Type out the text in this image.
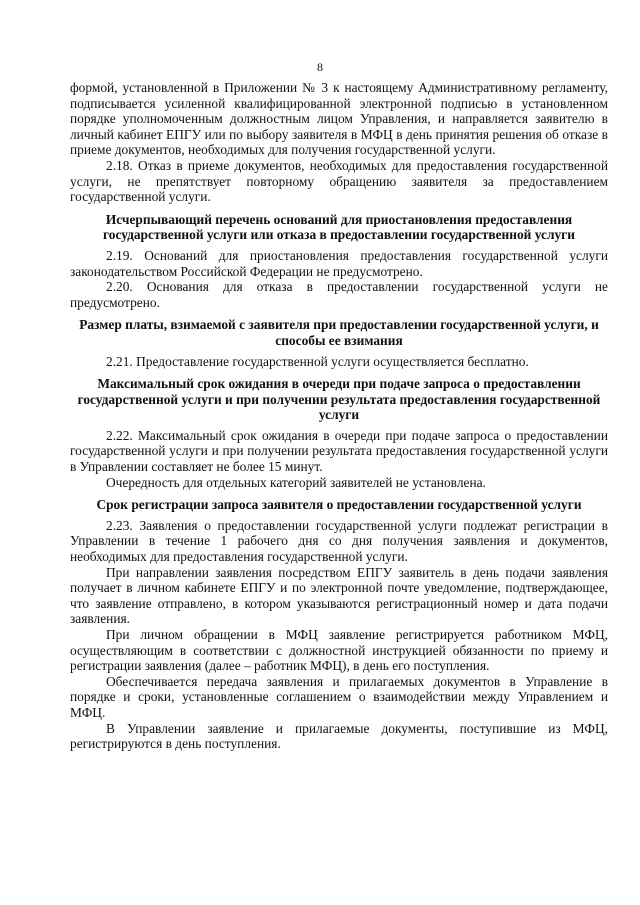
8

формой, установленной в Приложении № 3 к настоящему Административному регламенту, подписывается усиленной квалифицированной электронной подписью в установленном порядке уполномоченным должностным лицом Управления, и направляется заявителю в личный кабинет ЕПГУ или по выбору заявителя в МФЦ в день принятия решения об отказе в приеме документов, необходимых для получения государственной услуги.

2.18. Отказ в приеме документов, необходимых для предоставления государственной услуги, не препятствует повторному обращению заявителя за предоставлением государственной услуги.

Исчерпывающий перечень оснований для приостановления предоставления государственной услуги или отказа в предоставлении государственной услуги

2.19. Оснований для приостановления предоставления государственной услуги законодательством Российской Федерации не предусмотрено.

2.20. Основания для отказа в предоставлении государственной услуги не предусмотрено.

Размер платы, взимаемой с заявителя при предоставлении государственной услуги, и способы ее взимания

2.21. Предоставление государственной услуги осуществляется бесплатно.

Максимальный срок ожидания в очереди при подаче запроса о предоставлении государственной услуги и при получении результата предоставления государственной услуги

2.22. Максимальный срок ожидания в очереди при подаче запроса о предоставлении государственной услуги и при получении результата предоставления государственной услуги в Управлении составляет не более 15 минут.

Очередность для отдельных категорий заявителей не установлена.

Срок регистрации запроса заявителя о предоставлении государственной услуги

2.23. Заявления о предоставлении государственной услуги подлежат регистрации в Управлении в течение 1 рабочего дня со дня получения заявления и документов, необходимых для предоставления государственной услуги.

При направлении заявления посредством ЕПГУ заявитель в день подачи заявления получает в личном кабинете ЕПГУ и по электронной почте уведомление, подтверждающее, что заявление отправлено, в котором указываются регистрационный номер и дата подачи заявления.

При личном обращении в МФЦ заявление регистрируется работником МФЦ, осуществляющим в соответствии с должностной инструкцией обязанности по приему и регистрации заявления (далее – работник МФЦ), в день его поступления.

Обеспечивается передача заявления и прилагаемых документов в Управление в порядке и сроки, установленные соглашением о взаимодействии между Управлением и МФЦ.

В Управлении заявление и прилагаемые документы, поступившие из МФЦ, регистрируются в день поступления.
